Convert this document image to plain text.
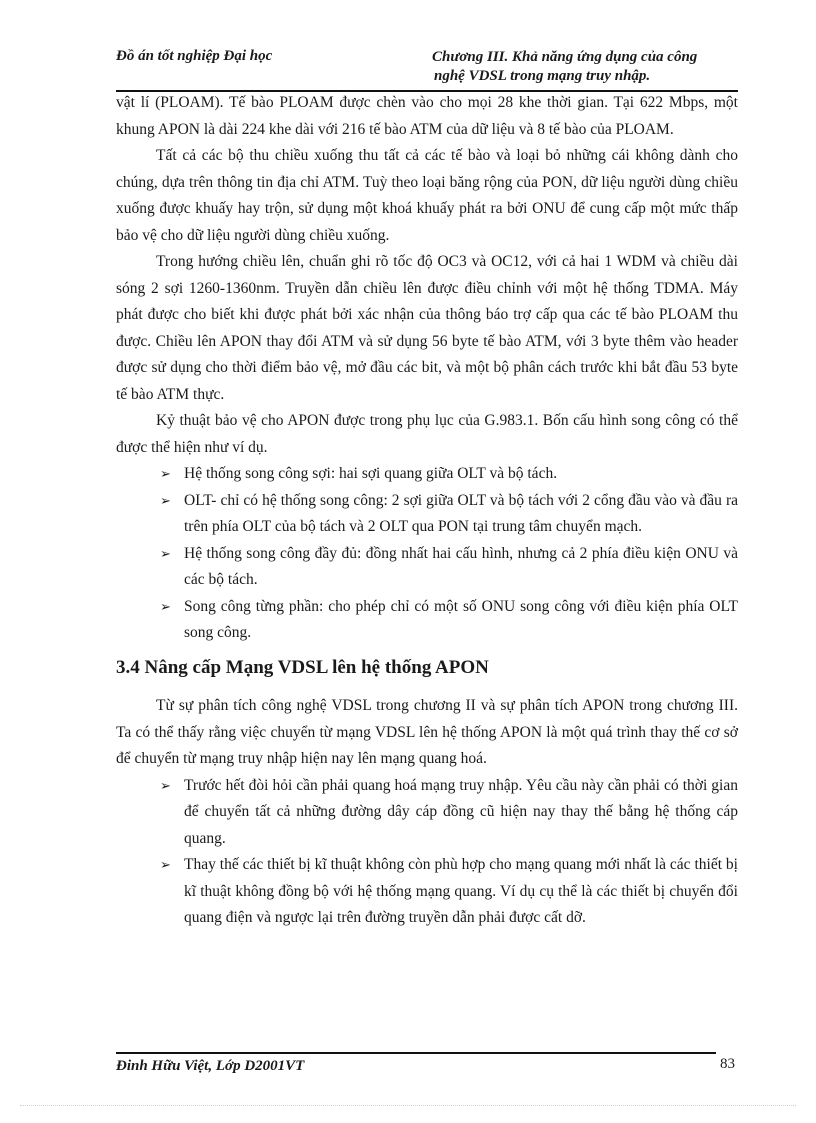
Đồ án tốt nghiệp Đại học	Chương III. Khả năng ứng dụng của công
nghệ VDSL trong mạng truy nhập.

vật lí (PLOAM). Tế bào PLOAM được chèn vào cho mọi 28 khe thời gian. Tại 622 Mbps, một khung APON là dài 224 khe dài với 216 tế bào ATM của dữ liệu và 8 tế bào của PLOAM.

Tất cả các bộ thu chiều xuống thu tất cả các tế bào và loại bỏ những cái không dành cho chúng, dựa trên thông tin địa chỉ ATM. Tuỳ theo loại băng rộng của PON, dữ liệu người dùng chiều xuống được khuấy hay trộn, sử dụng một khoá khuấy phát ra bởi ONU để cung cấp một mức thấp bảo vệ cho dữ liệu người dùng chiều xuống.

Trong hướng chiều lên, chuẩn ghi rõ tốc độ OC3 và OC12, với cả hai 1 WDM và chiều dài sóng 2 sợi 1260-1360nm. Truyền dẫn chiều lên được điều chỉnh với một hệ thống TDMA. Máy phát được cho biết khi được phát bởi xác nhận của thông báo trợ cấp qua các tế bào PLOAM thu được. Chiều lên APON thay đổi ATM và sử dụng 56 byte tế bào ATM, với 3 byte thêm vào header được sử dụng cho thời điểm bảo vệ, mở đầu các bit, và một bộ phân cách trước khi bắt đầu 53 byte tế bào ATM thực.

Kỷ thuật bảo vệ cho APON được trong phụ lục của G.983.1. Bốn cấu hình song công có thể được thể hiện như ví dụ.

➢ Hệ thống song công sợi: hai sợi quang giữa OLT và bộ tách.
➢ OLT- chỉ có hệ thống song công: 2 sợi giữa OLT và bộ tách với 2 cổng đầu vào và đầu ra trên phía OLT của bộ tách và 2 OLT qua PON tại trung tâm chuyển mạch.
➢ Hệ thống song công đầy đủ: đồng nhất hai cấu hình, nhưng cả 2 phía điều kiện ONU và các bộ tách.
➢ Song công từng phần: cho phép chỉ có một số ONU song công với điều kiện phía OLT song công.
3.4 Nâng cấp Mạng VDSL lên hệ thống APON

Từ sự phân tích công nghệ VDSL trong chương II và sự phân tích APON trong chương III. Ta có thể thấy rằng việc chuyển từ mạng VDSL lên hệ thống APON là một quá trình thay thế cơ sở để chuyển từ mạng truy nhập hiện nay lên mạng quang hoá.

➢ Trước hết đòi hỏi cần phải quang hoá mạng truy nhập. Yêu cầu này cần phải có thời gian để chuyển tất cả những đường dây cáp đồng cũ hiện nay thay thế bằng hệ thống cáp quang.
➢ Thay thế các thiết bị kĩ thuật không còn phù hợp cho mạng quang mới nhất là các thiết bị kĩ thuật không đồng bộ với hệ thống mạng quang. Ví dụ cụ thể là các thiết bị chuyển đổi quang điện và ngược lại trên đường truyền dẫn phải được cất dỡ.
Đinh Hữu Việt, Lớp D2001VT	83
